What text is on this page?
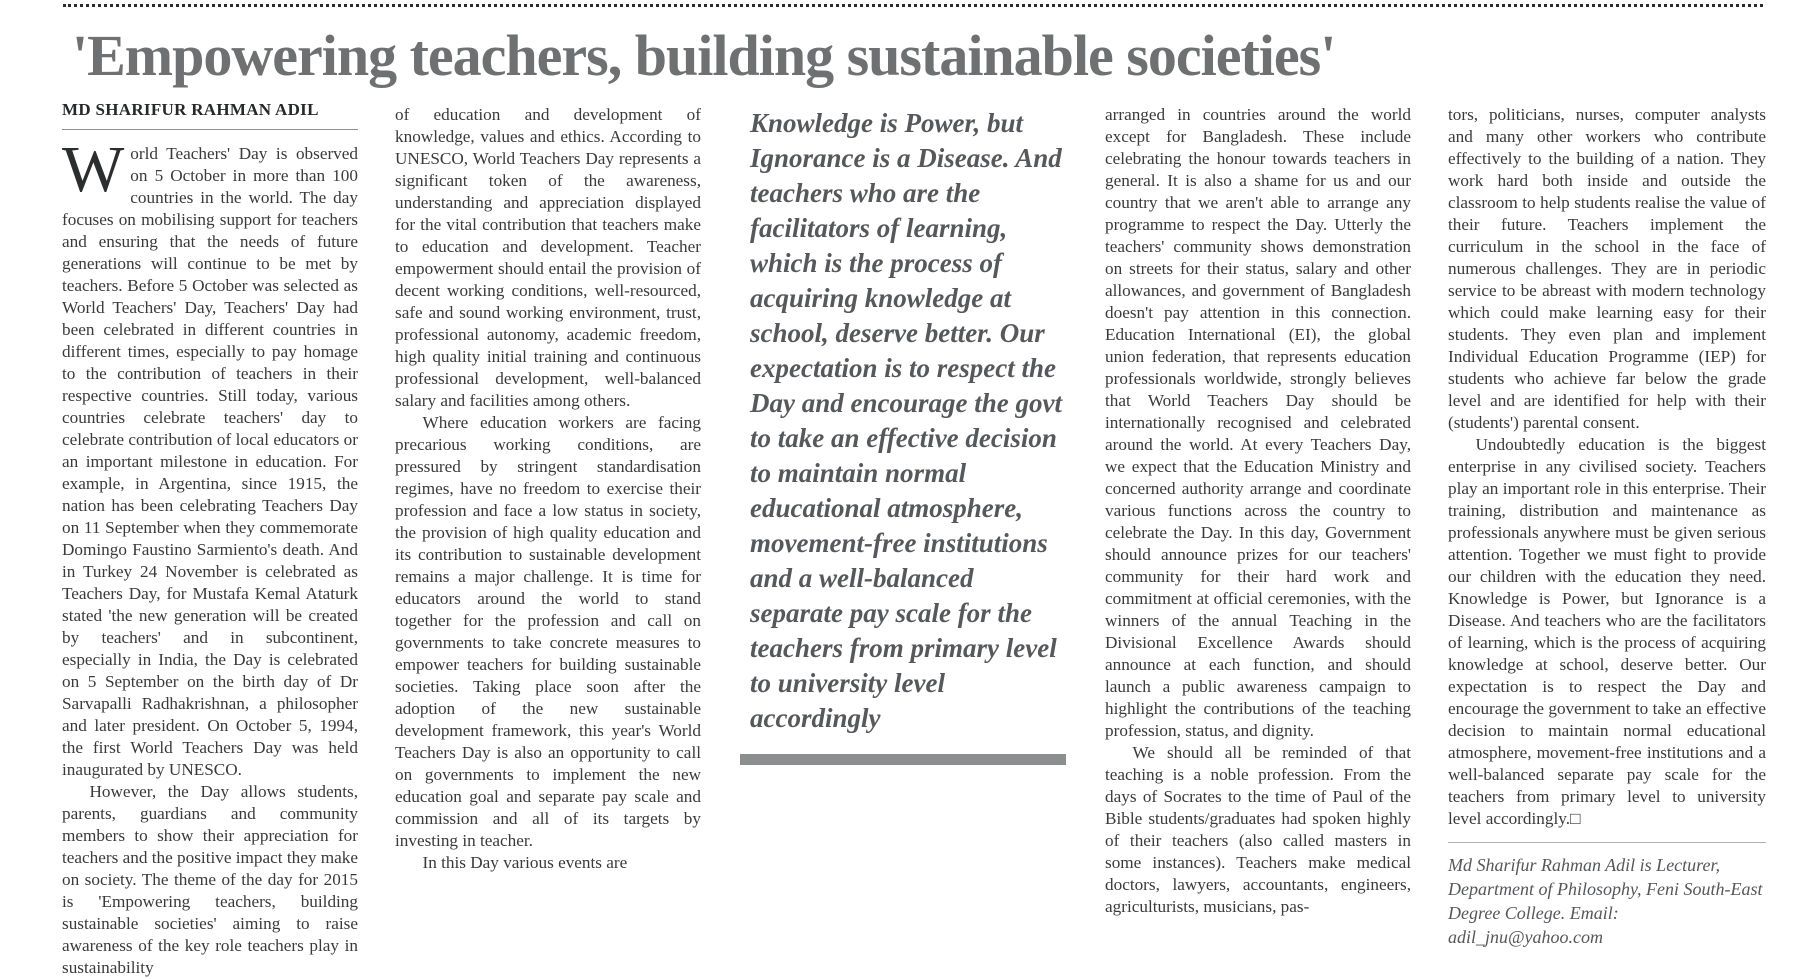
'Empowering teachers, building sustainable societies'
MD SHARIFUR RAHMAN ADIL

World Teachers' Day is observed on 5 October in more than 100 countries in the world. The day focuses on mobilising support for teachers and ensuring that the needs of future generations will continue to be met by teachers. Before 5 October was selected as World Teachers' Day, Teachers' Day had been celebrated in different countries in different times, especially to pay homage to the contribution of teachers in their respective countries. Still today, various countries celebrate teachers' day to celebrate contribution of local educators or an important milestone in education. For example, in Argentina, since 1915, the nation has been celebrating Teachers Day on 11 September when they commemorate Domingo Faustino Sarmiento's death. And in Turkey 24 November is celebrated as Teachers Day, for Mustafa Kemal Ataturk stated 'the new generation will be created by teachers' and in subcontinent, especially in India, the Day is celebrated on 5 September on the birth day of Dr Sarvapalli Radhakrishnan, a philosopher and later president. On October 5, 1994, the first World Teachers Day was held inaugurated by UNESCO.

However, the Day allows students, parents, guardians and community members to show their appreciation for teachers and the positive impact they make on society. The theme of the day for 2015 is 'Empowering teachers, building sustainable societies' aiming to raise awareness of the key role teachers play in sustainability

of education and development of knowledge, values and ethics. According to UNESCO, World Teachers Day represents a significant token of the awareness, understanding and appreciation displayed for the vital contribution that teachers make to education and development. Teacher empowerment should entail the provision of decent working conditions, well-resourced, safe and sound working environment, trust, professional autonomy, academic freedom, high quality initial training and continuous professional development, well-balanced salary and facilities among others.

Where education workers are facing precarious working conditions, are pressured by stringent standardisation regimes, have no freedom to exercise their profession and face a low status in society, the provision of high quality education and its contribution to sustainable development remains a major challenge. It is time for educators around the world to stand together for the profession and call on governments to take concrete measures to empower teachers for building sustainable societies. Taking place soon after the adoption of the new sustainable development framework, this year's World Teachers Day is also an opportunity to call on governments to implement the new education goal and separate pay scale and commission and all of its targets by investing in teacher.

In this Day various events are

Knowledge is Power, but Ignorance is a Disease. And teachers who are the facilitators of learning, which is the process of acquiring knowledge at school, deserve better. Our expectation is to respect the Day and encourage the govt to take an effective decision to maintain normal educational atmosphere, movement-free institutions and a well-balanced separate pay scale for the teachers from primary level to university level accordingly

arranged in countries around the world except for Bangladesh. These include celebrating the honour towards teachers in general. It is also a shame for us and our country that we aren't able to arrange any programme to respect the Day. Utterly the teachers' community shows demonstration on streets for their status, salary and other allowances, and government of Bangladesh doesn't pay attention in this connection. Education International (EI), the global union federation, that represents education professionals worldwide, strongly believes that World Teachers Day should be internationally recognised and celebrated around the world. At every Teachers Day, we expect that the Education Ministry and concerned authority arrange and coordinate various functions across the country to celebrate the Day. In this day, Government should announce prizes for our teachers' community for their hard work and commitment at official ceremonies, with the winners of the annual Teaching in the Divisional Excellence Awards should announce at each function, and should launch a public awareness campaign to highlight the contributions of the teaching profession, status, and dignity.

We should all be reminded of that teaching is a noble profession. From the days of Socrates to the time of Paul of the Bible students/graduates had spoken highly of their teachers (also called masters in some instances). Teachers make medical doctors, lawyers, accountants, engineers, agriculturists, musicians, pas-

tors, politicians, nurses, computer analysts and many other workers who contribute effectively to the building of a nation. They work hard both inside and outside the classroom to help students realise the value of their future. Teachers implement the curriculum in the school in the face of numerous challenges. They are in periodic service to be abreast with modern technology which could make learning easy for their students. They even plan and implement Individual Education Programme (IEP) for students who achieve far below the grade level and are identified for help with their (students') parental consent.

Undoubtedly education is the biggest enterprise in any civilised society. Teachers play an important role in this enterprise. Their training, distribution and maintenance as professionals anywhere must be given serious attention. Together we must fight to provide our children with the education they need. Knowledge is Power, but Ignorance is a Disease. And teachers who are the facilitators of learning, which is the process of acquiring knowledge at school, deserve better. Our expectation is to respect the Day and encourage the government to take an effective decision to maintain normal educational atmosphere, movement-free institutions and a well-balanced separate pay scale for the teachers from primary level to university level accordingly.□

Md Sharifur Rahman Adil is Lecturer, Department of Philosophy, Feni South-East Degree College. Email: adil_jnu@yahoo.com
